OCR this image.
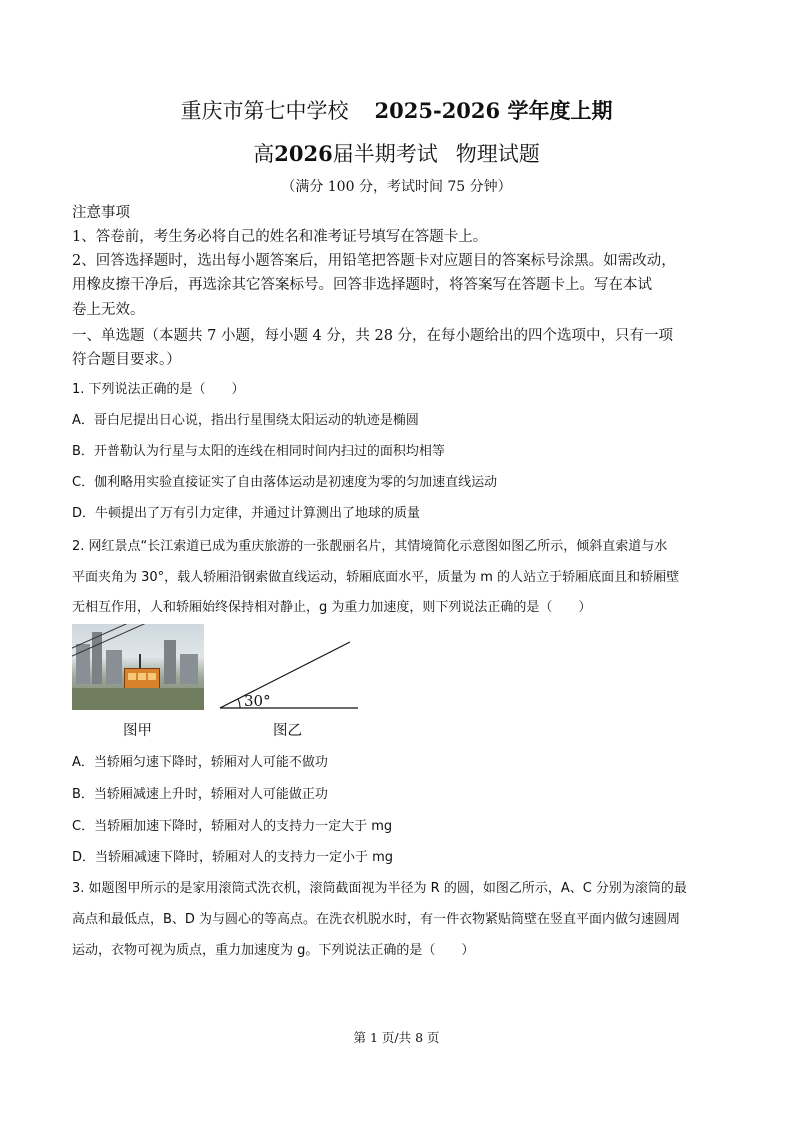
重庆市第七中学校 2025-2026 学年度上期
高2026届半期考试 物理试题
（满分 100 分，考试时间 75 分钟）
注意事项
1、答卷前，考生务必将自己的姓名和准考证号填写在答题卡上。
2、回答选择题时，选出每小题答案后，用铅笔把答题卡对应题目的答案标号涂黑。如需改动，
用橡皮擦干净后，再选涂其它答案标号。回答非选择题时，将答案写在答题卡上。写在本试
卷上无效。
一、单选题（本题共 7 小题，每小题 4 分，共 28 分，在每小题给出的四个选项中，只有一项
符合题目要求。）
1. 下列说法正确的是（　　）
A．哥白尼提出日心说，指出行星围绕太阳运动的轨迹是椭圆
B．开普勒认为行星与太阳的连线在相同时间内扫过的面积均相等
C．伽利略用实验直接证实了自由落体运动是初速度为零的匀加速直线运动
D．牛顿提出了万有引力定律，并通过计算测出了地球的质量
2. 网红景点“长江索道已成为重庆旅游的一张靓丽名片，其情境简化示意图如图乙所示，倾斜直索道与水
平面夹角为 30°，载人轿厢沿钢索做直线运动，轿厢底面水平，质量为 m 的人站立于轿厢底面且和轿厢壁
无相互作用，人和轿厢始终保持相对静止，g 为重力加速度，则下列说法正确的是（　　）
图甲
30°
图乙
A．当轿厢匀速下降时，轿厢对人可能不做功
B．当轿厢减速上升时，轿厢对人可能做正功
C．当轿厢加速下降时，轿厢对人的支持力一定大于 mg
D．当轿厢减速下降时，轿厢对人的支持力一定小于 mg
3. 如题图甲所示的是家用滚筒式洗衣机，滚筒截面视为半径为 R 的圆，如图乙所示，A、C 分别为滚筒的最
高点和最低点，B、D 为与圆心的等高点。在洗衣机脱水时，有一件衣物紧贴筒壁在竖直平面内做匀速圆周
运动，衣物可视为质点，重力加速度为 g。下列说法正确的是（　　）
第 1 页/共 8 页
